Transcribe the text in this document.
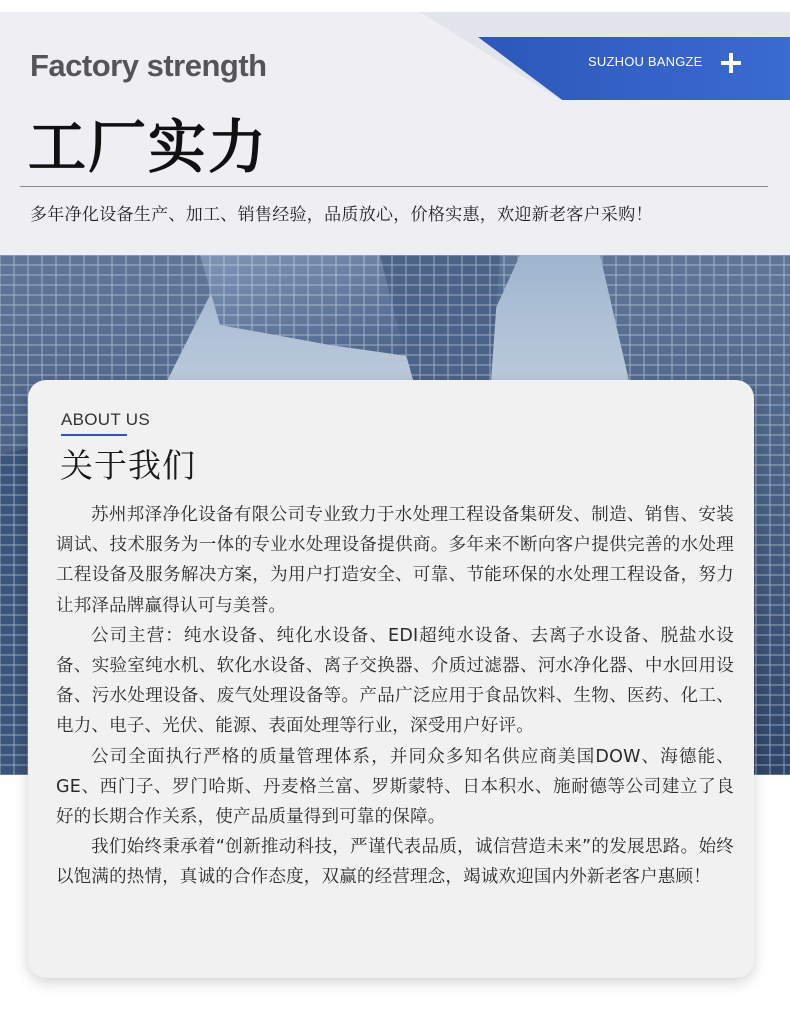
SUZHOU BANGZE
Factory strength
工厂实力
多年净化设备生产、加工、销售经验，品质放心，价格实惠，欢迎新老客户采购！
ABOUT US
关于我们

苏州邦泽净化设备有限公司专业致力于水处理工程设备集研发、制造、销售、安装调试、技术服务为一体的专业水处理设备提供商。多年来不断向客户提供完善的水处理工程设备及服务解决方案，为用户打造安全、可靠、节能环保的水处理工程设备，努力让邦泽品牌赢得认可与美誉。

公司主营：纯水设备、纯化水设备、EDI超纯水设备、去离子水设备、脱盐水设备、实验室纯水机、软化水设备、离子交换器、介质过滤器、河水净化器、中水回用设备、污水处理设备、废气处理设备等。产品广泛应用于食品饮料、生物、医药、化工、电力、电子、光伏、能源、表面处理等行业，深受用户好评。

公司全面执行严格的质量管理体系，并同众多知名供应商美国DOW、海德能、GE、西门子、罗门哈斯、丹麦格兰富、罗斯蒙特、日本积水、施耐德等公司建立了良好的长期合作关系，使产品质量得到可靠的保障。

我们始终秉承着“创新推动科技，严谨代表品质，诚信营造未来”的发展思路。始终以饱满的热情，真诚的合作态度，双赢的经营理念，竭诚欢迎国内外新老客户惠顾！
